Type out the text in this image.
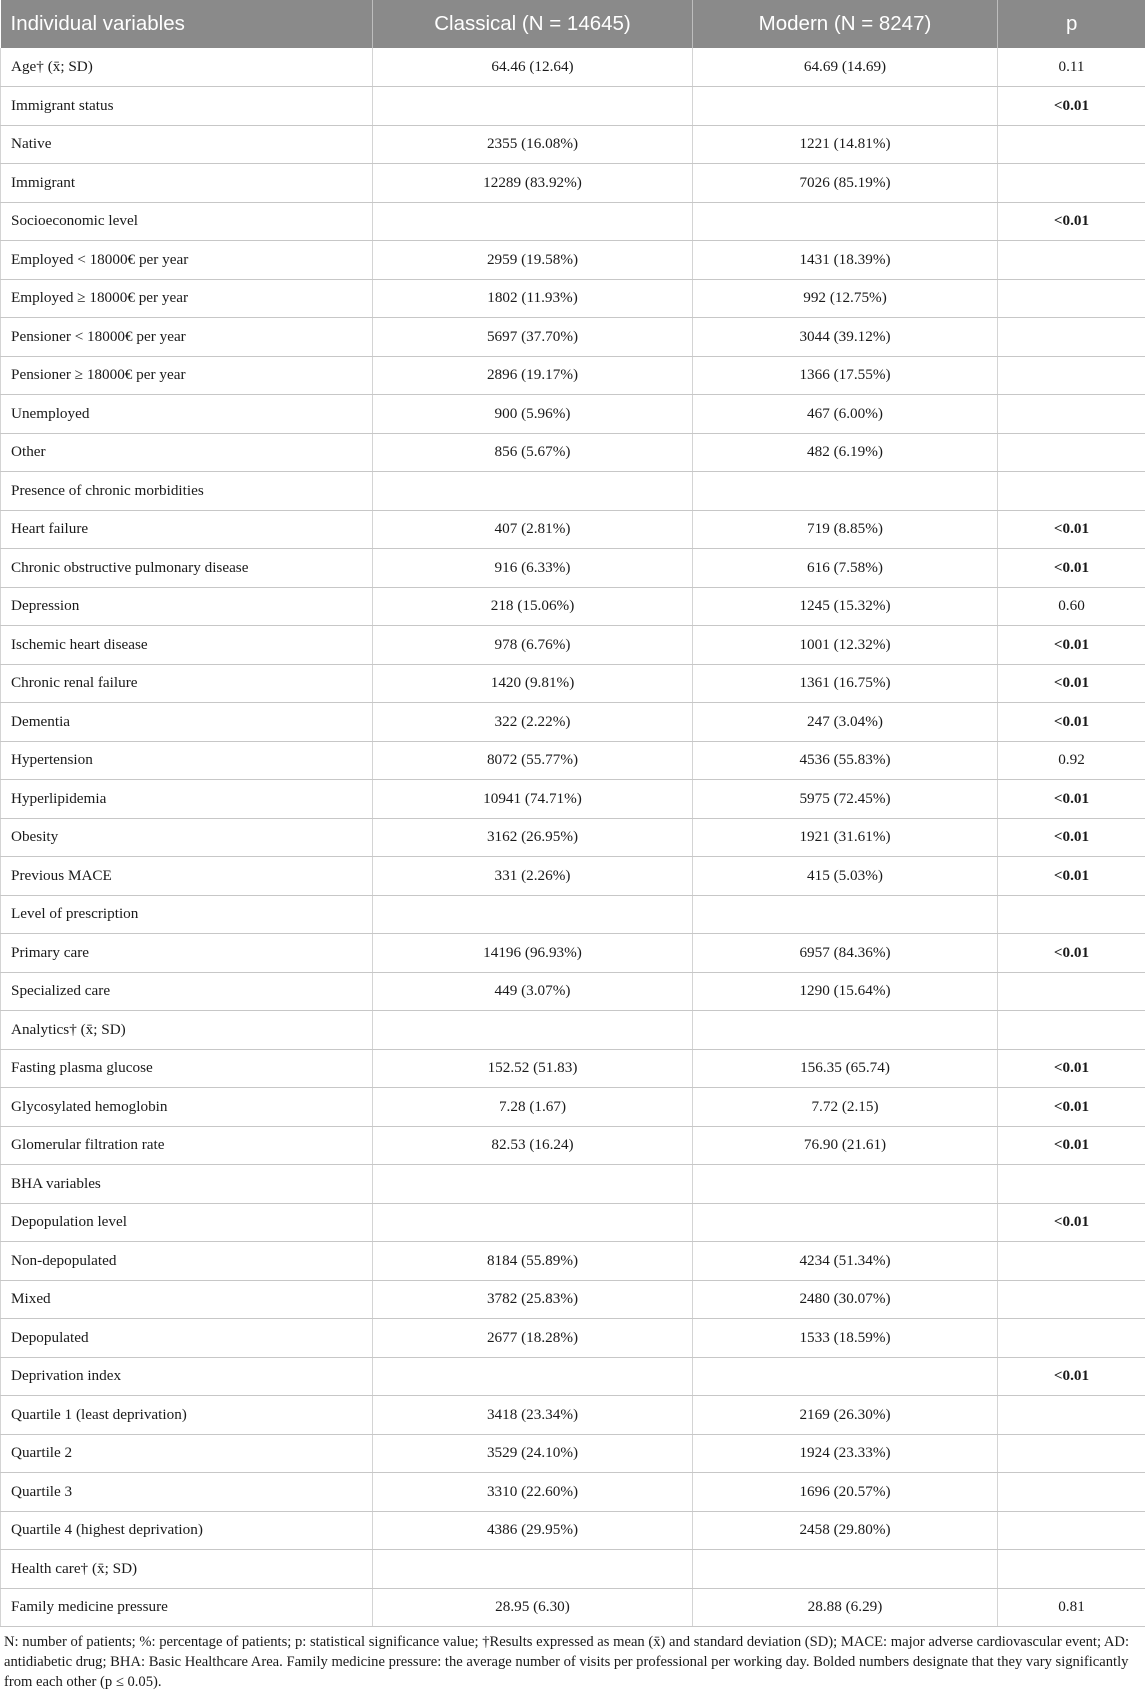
Individual variables	Classical (N = 14645)	Modern (N = 8247)	p
Age† (x̄; SD)	64.46 (12.64)	64.69 (14.69)	0.11
Immigrant status			<0.01
Native	2355 (16.08%)	1221 (14.81%)	
Immigrant	12289 (83.92%)	7026 (85.19%)	
Socioeconomic level			<0.01
Employed < 18000€ per year	2959 (19.58%)	1431 (18.39%)	
Employed ≥ 18000€ per year	1802 (11.93%)	992 (12.75%)	
Pensioner < 18000€ per year	5697 (37.70%)	3044 (39.12%)	
Pensioner ≥ 18000€ per year	2896 (19.17%)	1366 (17.55%)	
Unemployed	900 (5.96%)	467 (6.00%)	
Other	856 (5.67%)	482 (6.19%)	
Presence of chronic morbidities			
Heart failure	407 (2.81%)	719 (8.85%)	<0.01
Chronic obstructive pulmonary disease	916 (6.33%)	616 (7.58%)	<0.01
Depression	218 (15.06%)	1245 (15.32%)	0.60
Ischemic heart disease	978 (6.76%)	1001 (12.32%)	<0.01
Chronic renal failure	1420 (9.81%)	1361 (16.75%)	<0.01
Dementia	322 (2.22%)	247 (3.04%)	<0.01
Hypertension	8072 (55.77%)	4536 (55.83%)	0.92
Hyperlipidemia	10941 (74.71%)	5975 (72.45%)	<0.01
Obesity	3162 (26.95%)	1921 (31.61%)	<0.01
Previous MACE	331 (2.26%)	415 (5.03%)	<0.01
Level of prescription			
Primary care	14196 (96.93%)	6957 (84.36%)	<0.01
Specialized care	449 (3.07%)	1290 (15.64%)	
Analytics† (x̄; SD)			
Fasting plasma glucose	152.52 (51.83)	156.35 (65.74)	<0.01
Glycosylated hemoglobin	7.28 (1.67)	7.72 (2.15)	<0.01
Glomerular filtration rate	82.53 (16.24)	76.90 (21.61)	<0.01
BHA variables			
Depopulation level			<0.01
Non-depopulated	8184 (55.89%)	4234 (51.34%)	
Mixed	3782 (25.83%)	2480 (30.07%)	
Depopulated	2677 (18.28%)	1533 (18.59%)	
Deprivation index			<0.01
Quartile 1 (least deprivation)	3418 (23.34%)	2169 (26.30%)	
Quartile 2	3529 (24.10%)	1924 (23.33%)	
Quartile 3	3310 (22.60%)	1696 (20.57%)	
Quartile 4 (highest deprivation)	4386 (29.95%)	2458 (29.80%)	
Health care† (x̄; SD)			
Family medicine pressure	28.95 (6.30)	28.88 (6.29)	0.81

N: number of patients; %: percentage of patients; p: statistical significance value; †Results expressed as mean (x̄) and standard deviation (SD); MACE: major adverse cardiovascular event; AD: antidiabetic drug; BHA: Basic Healthcare Area. Family medicine pressure: the average number of visits per professional per working day. Bolded numbers designate that they vary significantly from each other (p ≤ 0.05).
